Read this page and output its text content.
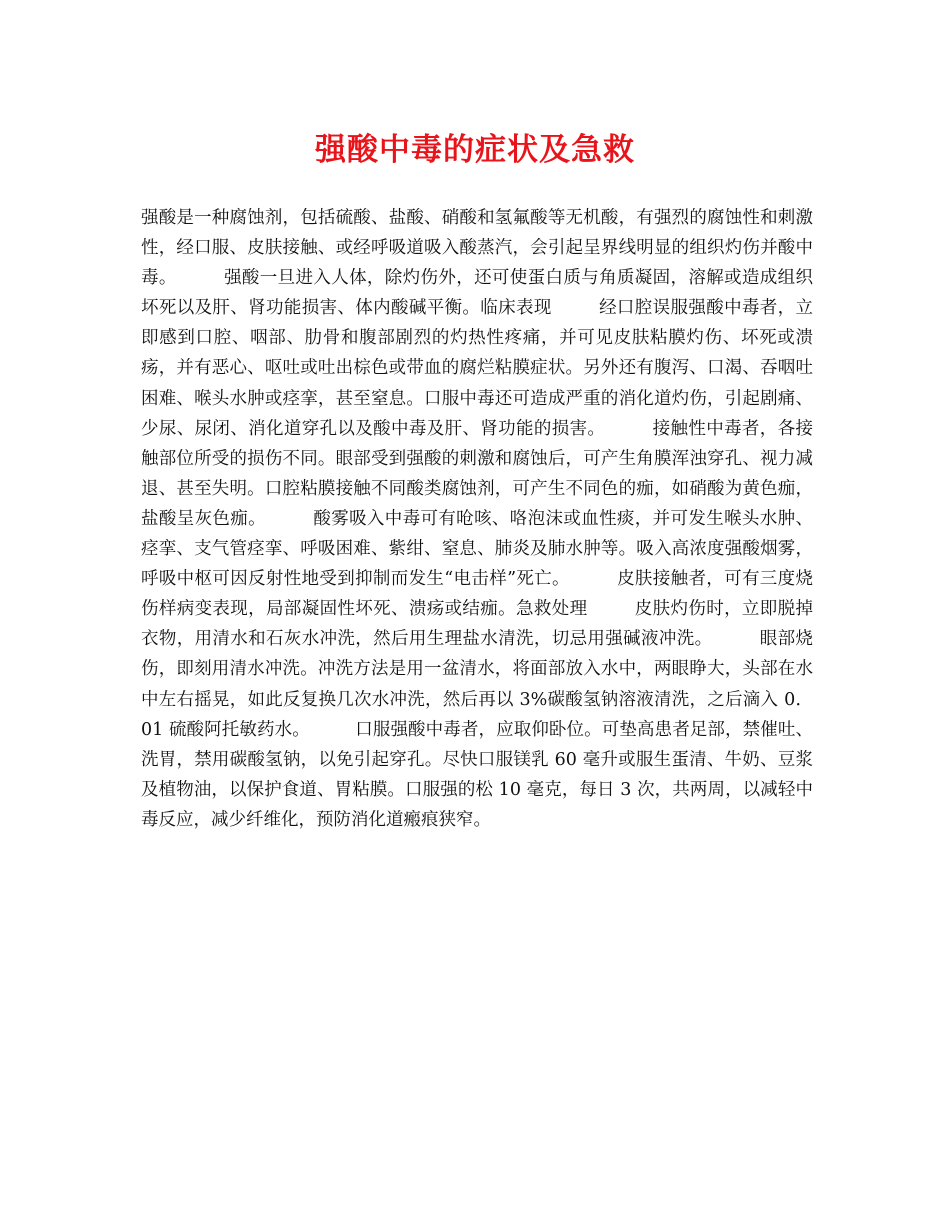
强酸中毒的症状及急救

强酸是一种腐蚀剂，包括硫酸、盐酸、硝酸和氢氟酸等无机酸，有强烈的腐蚀性和刺激性，经口服、皮肤接触、或经呼吸道吸入酸蒸汽，会引起呈界线明显的组织灼伤并酸中毒。        强酸一旦进入人体，除灼伤外，还可使蛋白质与角质凝固，溶解或造成组织坏死以及肝、肾功能损害、体内酸碱平衡。临床表现        经口腔误服强酸中毒者，立即感到口腔、咽部、肋骨和腹部剧烈的灼热性疼痛，并可见皮肤粘膜灼伤、坏死或溃疡，并有恶心、呕吐或吐出棕色或带血的腐烂粘膜症状。另外还有腹泻、口渴、吞咽吐困难、喉头水肿或痉挛，甚至窒息。口服中毒还可造成严重的消化道灼伤，引起剧痛、少尿、尿闭、消化道穿孔以及酸中毒及肝、肾功能的损害。        接触性中毒者，各接触部位所受的损伤不同。眼部受到强酸的刺激和腐蚀后，可产生角膜浑浊穿孔、视力减退、甚至失明。口腔粘膜接触不同酸类腐蚀剂，可产生不同色的痂，如硝酸为黄色痂，盐酸呈灰色痂。        酸雾吸入中毒可有呛咳、咯泡沫或血性痰，并可发生喉头水肿、痉挛、支气管痉挛、呼吸困难、紫绀、窒息、肺炎及肺水肿等。吸入高浓度强酸烟雾，呼吸中枢可因反射性地受到抑制而发生“电击样”死亡。        皮肤接触者，可有三度烧伤样病变表现，局部凝固性坏死、溃疡或结痂。急救处理        皮肤灼伤时，立即脱掉衣物，用清水和石灰水冲洗，然后用生理盐水清洗，切忌用强碱液冲洗。        眼部烧伤，即刻用清水冲洗。冲洗方法是用一盆清水，将面部放入水中，两眼睁大，头部在水中左右摇晃，如此反复换几次水冲洗，然后再以 3%碳酸氢钠溶液清洗，之后滴入 0．01 硫酸阿托敏药水。        口服强酸中毒者，应取仰卧位。可垫高患者足部，禁催吐、洗胃，禁用碳酸氢钠，以免引起穿孔。尽快口服镁乳 60 毫升或服生蛋清、牛奶、豆浆及植物油，以保护食道、胃粘膜。口服强的松 10 毫克，每日 3 次，共两周，以减轻中毒反应，减少纤维化，预防消化道瘢痕狭窄。
